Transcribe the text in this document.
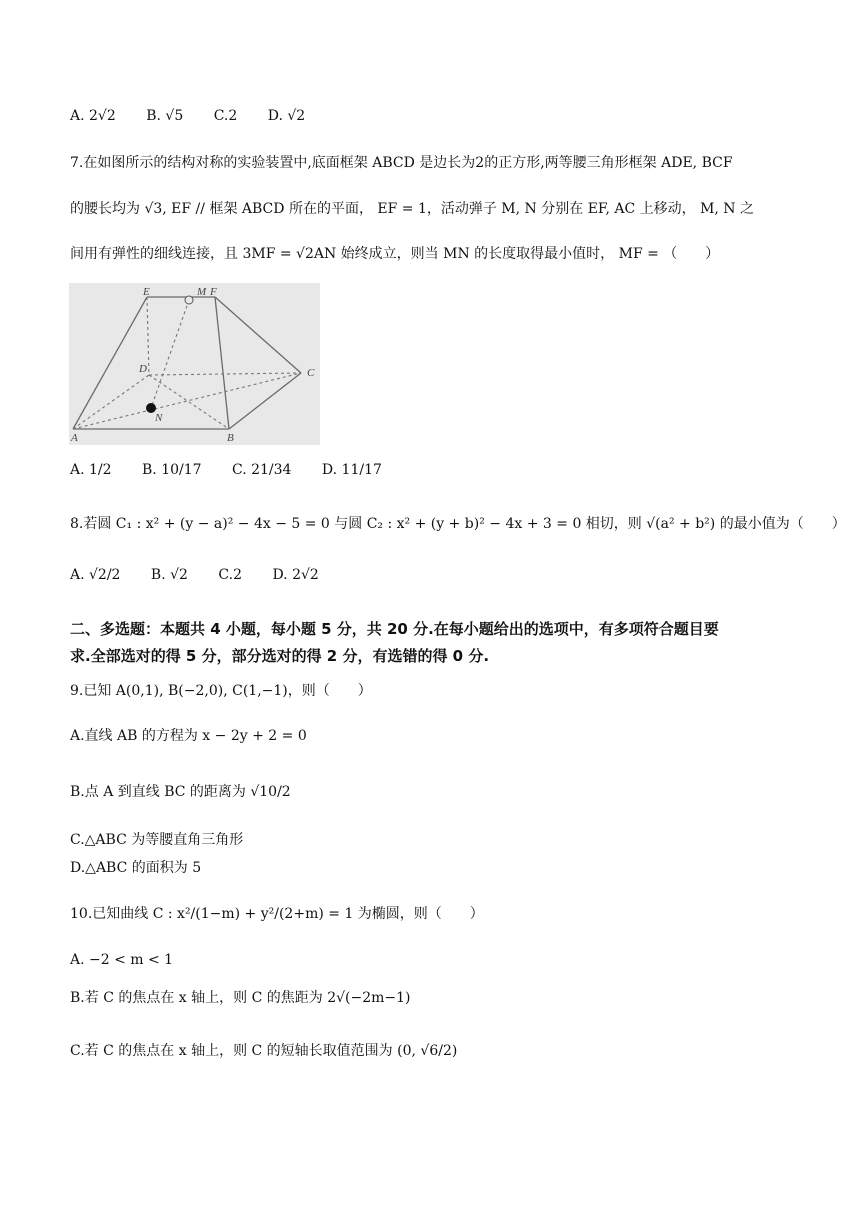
A. 2√2 B. √5 C.2 D. √2
7.在如图所示的结构对称的实验装置中,底面框架 ABCD 是边长为2的正方形,两等腰三角形框架 ADE, BCF
的腰长均为 √3, EF // 框架 ABCD 所在的平面， EF = 1，活动弹子 M, N 分别在 EF, AC 上移动， M, N 之
间用有弹性的细线连接，且 3MF = √2AN 始终成立，则当 MN 的长度取得最小值时， MF = （　　）
E	M F
D	C
A
N
B
A. 1/2 B. 10/17 C. 21/34 D. 11/17
8.若圆 C₁ : x² + (y − a)² − 4x − 5 = 0 与圆 C₂ : x² + (y + b)² − 4x + 3 = 0 相切，则 √(a² + b²) 的最小值为（　　）
A. √2/2 B. √2 C.2 D. 2√2
二、多选题：本题共 4 小题，每小题 5 分，共 20 分.在每小题给出的选项中，有多项符合题目要
求.全部选对的得 5 分，部分选对的得 2 分，有选错的得 0 分.
9.已知 A(0,1), B(−2,0), C(1,−1)，则（　　）
A.直线 AB 的方程为 x − 2y + 2 = 0
B.点 A 到直线 BC 的距离为 √10/2
C.△ABC 为等腰直角三角形
D.△ABC 的面积为 5
10.已知曲线 C : x²/(1−m) + y²/(2+m) = 1 为椭圆，则（　　）
A. −2 < m < 1
B.若 C 的焦点在 x 轴上，则 C 的焦距为 2√(−2m−1)
C.若 C 的焦点在 x 轴上，则 C 的短轴长取值范围为 (0, √6/2)
